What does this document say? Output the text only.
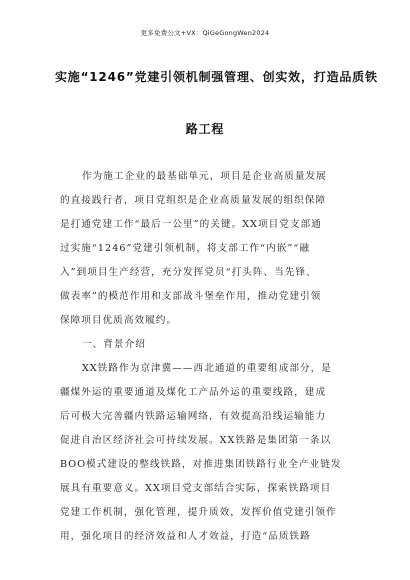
更多免费公文+VX：QiGeGongWen2024
实施“1246”党建引领机制强管理、创实效，打造品质铁
路工程
作为施工企业的最基础单元，项目是企业高质量发展
的直接践行者，项目党组织是企业高质量发展的组织保障
是打通党建工作“最后一公里”的关键。XX项目党支部通
过实施“1246”党建引领机制，将支部工作“内嵌”“融
入”到项目生产经营，充分发挥党员“打头阵、当先锋、
做表率”的模范作用和支部战斗堡垒作用，推动党建引领
保障项目优质高效履约。
一、背景介绍
XX铁路作为京津冀——西北通道的重要组成部分，是
疆煤外运的重要通道及煤化工产品外运的重要线路，建成
后可极大完善疆内铁路运输网络，有效提高沿线运输能力
促进自治区经济社会可持续发展。XX铁路是集团第一条以
BOO模式建设的整线铁路，对推进集团铁路行业全产业链发
展具有重要意义。XX项目党支部结合实际，探索铁路项目
党建工作机制，强化管理，提升质效，发挥价值党建引领作
用，强化项目的经济效益和人才效益，打造“品质铁路
